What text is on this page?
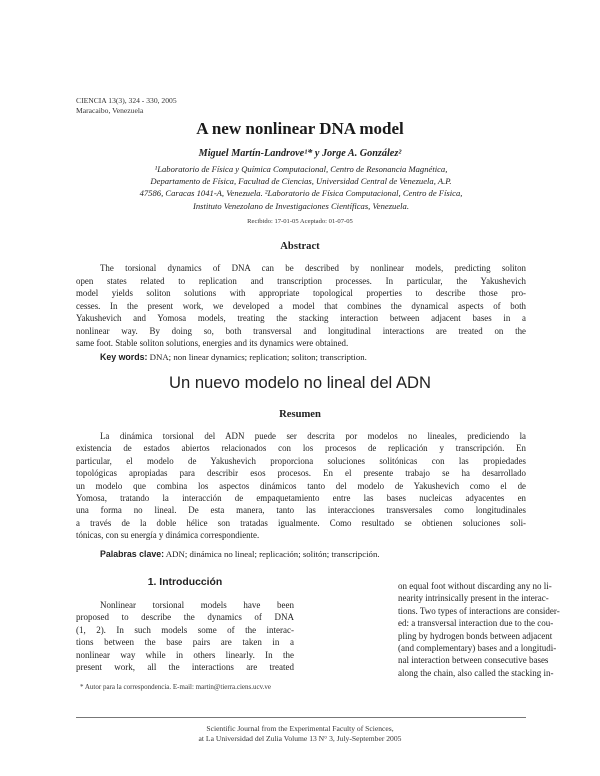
CIENCIA 13(3), 324 - 330, 2005
Maracaibo, Venezuela
A new nonlinear DNA model
Miguel Martín-Landrove¹* y Jorge A. González²
¹Laboratorio de Física y Química Computacional, Centro de Resonancia Magnética,
Departamento de Física, Facultad de Ciencias, Universidad Central de Venezuela, A.P.
47586, Caracas 1041-A, Venezuela. ²Laboratorio de Física Computacional, Centro de Física,
Instituto Venezolano de Investigaciones Científicas, Venezuela.
Recibido: 17-01-05 Aceptado: 01-07-05
Abstract
The torsional dynamics of DNA can be described by nonlinear models, predicting soliton
open states related to replication and transcription processes. In particular, the Yakushevich
model yields soliton solutions with appropriate topological properties to describe those pro-
cesses. In the present work, we developed a model that combines the dynamical aspects of both
Yakushevich and Yomosa models, treating the stacking interaction between adjacent bases in a
nonlinear way. By doing so, both transversal and longitudinal interactions are treated on the
same foot. Stable soliton solutions, energies and its dynamics were obtained.
Key words: DNA; non linear dynamics; replication; soliton; transcription.
Un nuevo modelo no lineal del ADN
Resumen
La dinámica torsional del ADN puede ser descrita por modelos no lineales, prediciendo la
existencia de estados abiertos relacionados con los procesos de replicación y transcripción. En
particular, el modelo de Yakushevich proporciona soluciones solitónicas con las propiedades
topológicas apropiadas para describir esos procesos. En el presente trabajo se ha desarrollado
un modelo que combina los aspectos dinámicos tanto del modelo de Yakushevich como el de
Yomosa, tratando la interacción de empaquetamiento entre las bases nucleicas adyacentes en
una forma no lineal. De esta manera, tanto las interacciones transversales como longitudinales
a través de la doble hélice son tratadas igualmente. Como resultado se obtienen soluciones soli-
tónicas, con su energía y dinámica correspondiente.
Palabras clave: ADN; dinámica no lineal; replicación; solitón; transcripción.
1. Introducción
Nonlinear torsional models have been
proposed to describe the dynamics of DNA
(1, 2). In such models some of the interac-
tions between the base pairs are taken in a
nonlinear way while in others linearly. In the
present work, all the interactions are treated
on equal foot without discarding any no li-
nearity intrinsically present in the interac-
tions. Two types of interactions are consider-
ed: a transversal interaction due to the cou-
pling by hydrogen bonds between adjacent
(and complementary) bases and a longitudi-
nal interaction between consecutive bases
along the chain, also called the stacking in-
* Autor para la correspondencia. E-mail: martin@tierra.ciens.ucv.ve
Scientific Journal from the Experimental Faculty of Sciences,
at La Universidad del Zulia Volume 13 N° 3, July-September 2005
